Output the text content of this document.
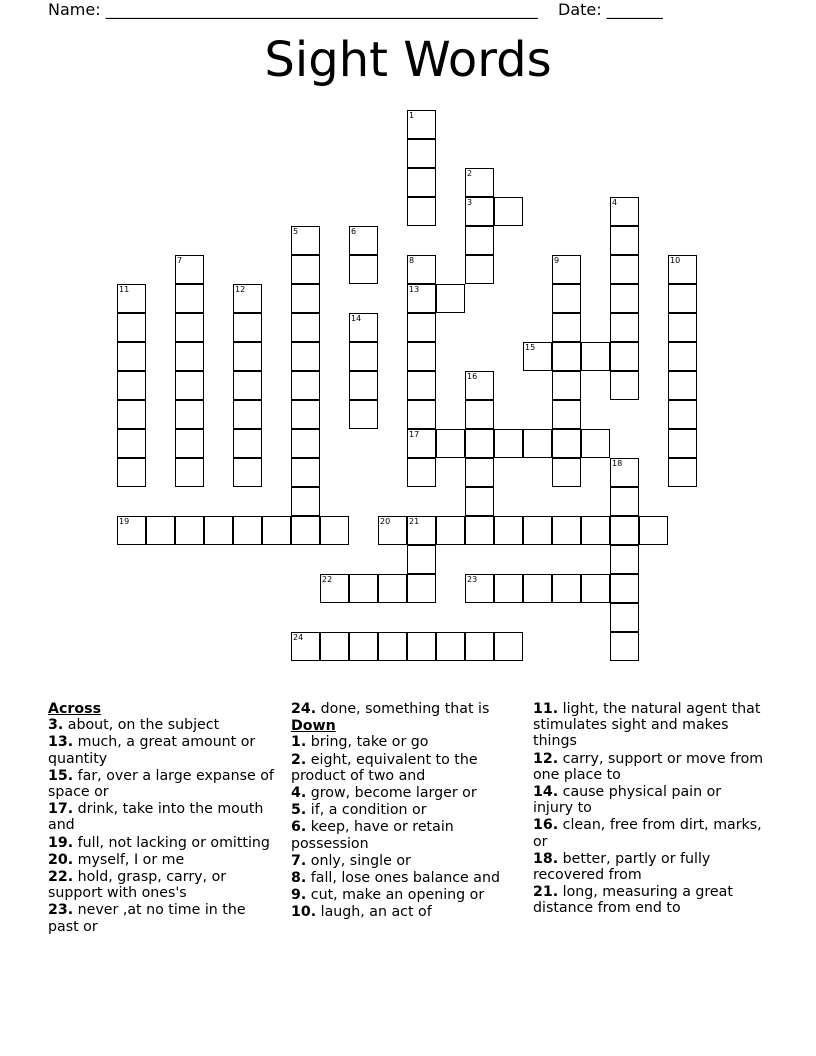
Name: ______________________________________________________ Date: _______
Sight Words
1
2
3	4
5	6
7	8
13
17
9	10
11	12
14
15
16
18
19	20 21
22	23
24

Across

3. about, on the subject

13. much, a great amount or quantity

15. far, over a large expanse of space or

17. drink, take into the mouth and

19. full, not lacking or omitting

20. myself, I or me

22. hold, grasp, carry, or support with ones's

23. never ,at no time in the past or

24. done, something that is

Down

1. bring, take or go

2. eight, equivalent to the product of two and

4. grow, become larger or

5. if, a condition or

6. keep, have or retain possession

7. only, single or

8. fall, lose ones balance and

9. cut, make an opening or

10. laugh, an act of

11. light, the natural agent that stimulates sight and makes things

12. carry, support or move from one place to

14. cause physical pain or injury to

16. clean, free from dirt, marks, or

18. better, partly or fully recovered from

21. long, measuring a great distance from end to
